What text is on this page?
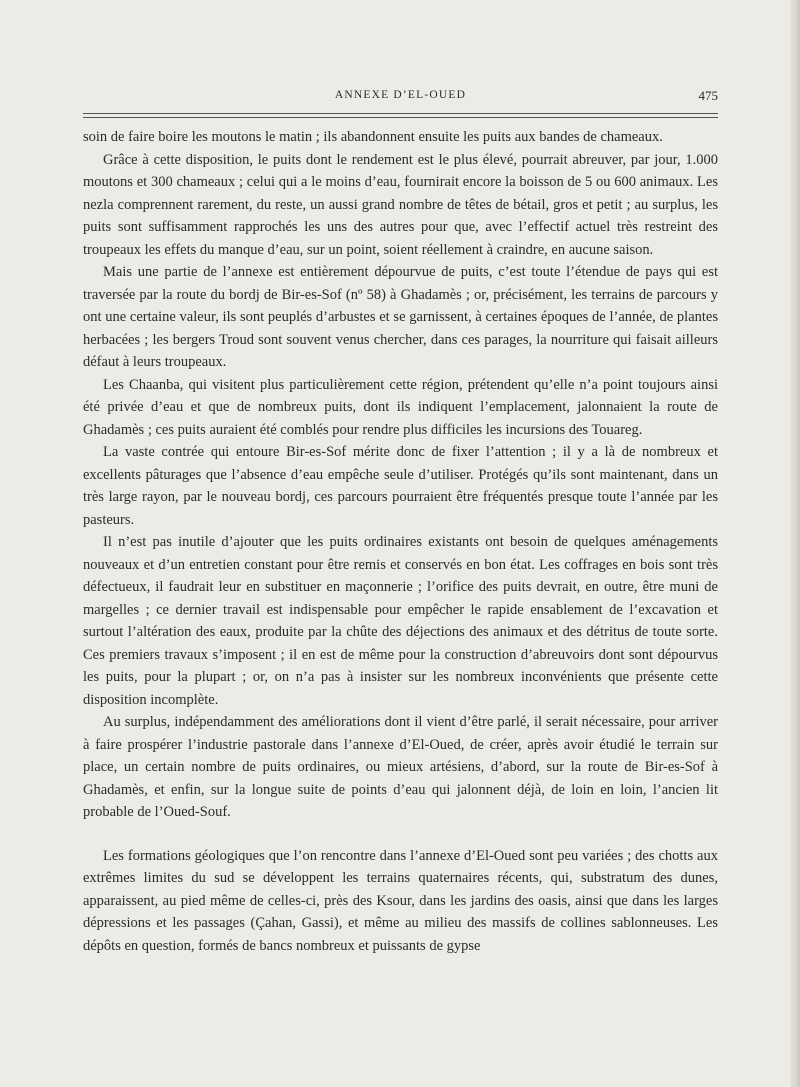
ANNEXE D’EL-OUED	475

soin de faire boire les moutons le matin ; ils abandonnent ensuite les puits aux bandes de chameaux.

Grâce à cette disposition, le puits dont le rendement est le plus élevé, pourrait abreuver, par jour, 1.000 moutons et 300 chameaux ; celui qui a le moins d’eau, fournirait encore la boisson de 5 ou 600 animaux. Les nezla comprennent rarement, du reste, un aussi grand nombre de têtes de bétail, gros et petit ; au surplus, les puits sont suffisamment rapprochés les uns des autres pour que, avec l’effectif actuel très restreint des troupeaux les effets du manque d’eau, sur un point, soient réellement à craindre, en aucune saison.

Mais une partie de l’annexe est entièrement dépourvue de puits, c’est toute l’étendue de pays qui est traversée par la route du bordj de Bir-es-Sof (nº 58) à Ghadamès ; or, précisément, les terrains de parcours y ont une certaine valeur, ils sont peuplés d’arbustes et se garnissent, à certaines époques de l’année, de plantes herbacées ; les bergers Troud sont souvent venus chercher, dans ces parages, la nourriture qui faisait ailleurs défaut à leurs troupeaux.

Les Chaanba, qui visitent plus particulièrement cette région, prétendent qu’elle n’a point toujours ainsi été privée d’eau et que de nombreux puits, dont ils indiquent l’emplacement, jalonnaient la route de Ghadamès ; ces puits auraient été comblés pour rendre plus difficiles les incursions des Touareg.

La vaste contrée qui entoure Bir-es-Sof mérite donc de fixer l’attention ; il y a là de nombreux et excellents pâturages que l’absence d’eau empêche seule d’utiliser. Protégés qu’ils sont maintenant, dans un très large rayon, par le nouveau bordj, ces parcours pourraient être fréquentés presque toute l’année par les pasteurs.

Il n’est pas inutile d’ajouter que les puits ordinaires existants ont besoin de quelques aménagements nouveaux et d’un entretien constant pour être remis et conservés en bon état. Les coffrages en bois sont très défectueux, il faudrait leur en substituer en maçonnerie ; l’orifice des puits devrait, en outre, être muni de margelles ; ce dernier travail est indispensable pour empêcher le rapide ensablement de l’excavation et surtout l’altération des eaux, produite par la chûte des déjections des animaux et des détritus de toute sorte. Ces premiers travaux s’imposent ; il en est de même pour la construction d’abreuvoirs dont sont dépourvus les puits, pour la plupart ; or, on n’a pas à insister sur les nombreux inconvénients que présente cette disposition incomplète.

Au surplus, indépendamment des améliorations dont il vient d’être parlé, il serait nécessaire, pour arriver à faire prospérer l’industrie pastorale dans l’annexe d’El-Oued, de créer, après avoir étudié le terrain sur place, un certain nombre de puits ordinaires, ou mieux artésiens, d’abord, sur la route de Bir-es-Sof à Ghadamès, et enfin, sur la longue suite de points d’eau qui jalonnent déjà, de loin en loin, l’ancien lit probable de l’Oued-Souf.

Les formations géologiques que l’on rencontre dans l’annexe d’El-Oued sont peu variées ; des chotts aux extrêmes limites du sud se développent les terrains quaternaires récents, qui, substratum des dunes, apparaissent, au pied même de celles-ci, près des Ksour, dans les jardins des oasis, ainsi que dans les larges dépressions et les passages (Çahan, Gassi), et même au milieu des massifs de collines sablonneuses. Les dépôts en question, formés de bancs nombreux et puissants de gypse
